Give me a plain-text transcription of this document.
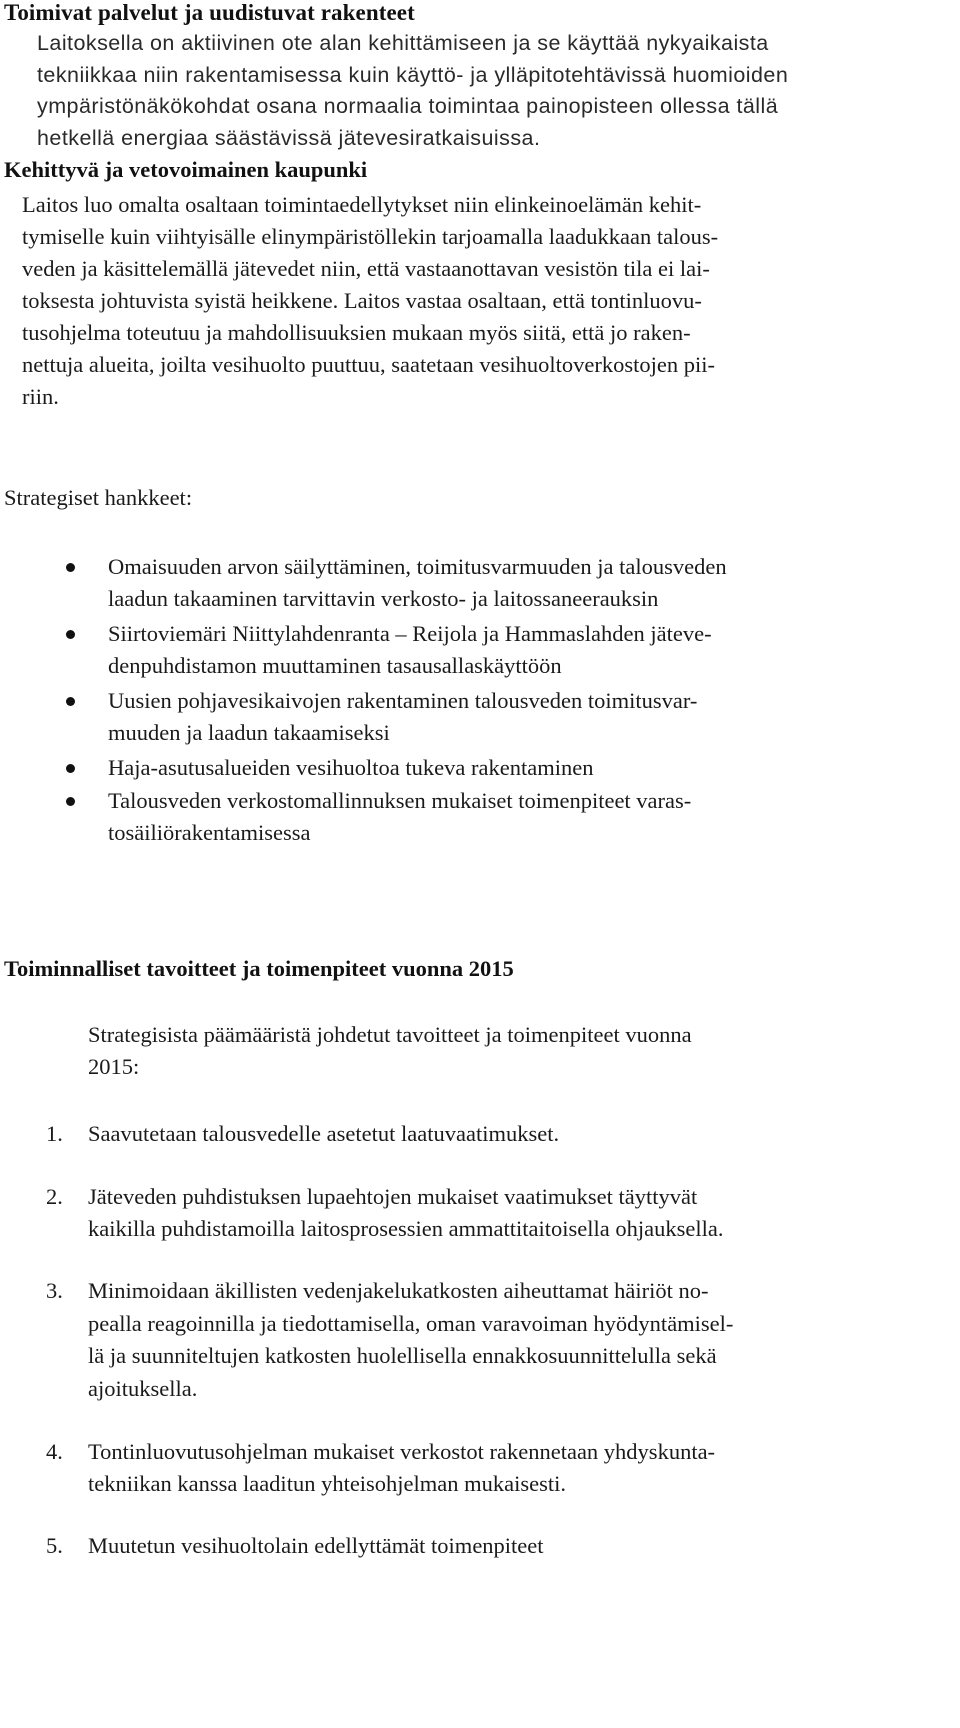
Toimivat palvelut ja uudistuvat rakenteet
Laitoksella on aktiivinen ote alan kehittämiseen ja se käyttää nykyaikaista
tekniikkaa niin rakentamisessa kuin käyttö- ja ylläpitotehtävissä huomioiden
ympäristönäkökohdat osana normaalia toimintaa painopisteen ollessa tällä
hetkellä energiaa säästävissä jätevesiratkaisuissa.
Kehittyvä ja vetovoimainen kaupunki
Laitos luo omalta osaltaan toimintaedellytykset niin elinkeinoelämän kehit-
tymiselle kuin viihtyisälle elinympäristöllekin tarjoamalla laadukkaan talous-
veden ja käsittelemällä jätevedet niin, että vastaanottavan vesistön tila ei lai-
toksesta johtuvista syistä heikkene. Laitos vastaa osaltaan, että tontinluovu-
tusohjelma toteutuu ja mahdollisuuksien mukaan myös siitä, että jo raken-
nettuja alueita, joilta vesihuolto puuttuu, saatetaan vesihuoltoverkostojen pii-
riin.
Strategiset hankkeet:
Omaisuuden arvon säilyttäminen, toimitusvarmuuden ja talousveden
laadun takaaminen tarvittavin verkosto- ja laitossaneerauksin
Siirtoviemäri Niittylahdenranta – Reijola ja Hammaslahden jäteve-
denpuhdistamon muuttaminen tasausallaskäyttöön
Uusien pohjavesikaivojen rakentaminen talousveden toimitusvar-
muuden ja laadun takaamiseksi
Haja-asutusalueiden vesihuoltoa tukeva rakentaminen
Talousveden verkostomallinnuksen mukaiset toimenpiteet varas-
tosäiliörakentamisessa
Toiminnalliset tavoitteet ja toimenpiteet vuonna 2015
Strategisista päämääristä johdetut tavoitteet ja toimenpiteet vuonna
2015:
1. Saavutetaan talousvedelle asetetut laatuvaatimukset.
2. Jäteveden puhdistuksen lupaehtojen mukaiset vaatimukset täyttyvät
kaikilla puhdistamoilla laitosprosessien ammattitaitoisella ohjauksella.
3. Minimoidaan äkillisten vedenjakelukatkosten aiheuttamat häiriöt no-
pealla reagoinnilla ja tiedottamisella, oman varavoiman hyödyntämisel-
lä ja suunniteltujen katkosten huolellisella ennakkosuunnittelulla sekä
ajoituksella.
4. Tontinluovutusohjelman mukaiset verkostot rakennetaan yhdyskunta-
tekniikan kanssa laaditun yhteisohjelman mukaisesti.
5. Muutetun vesihuoltolain edellyttämät toimenpiteet
